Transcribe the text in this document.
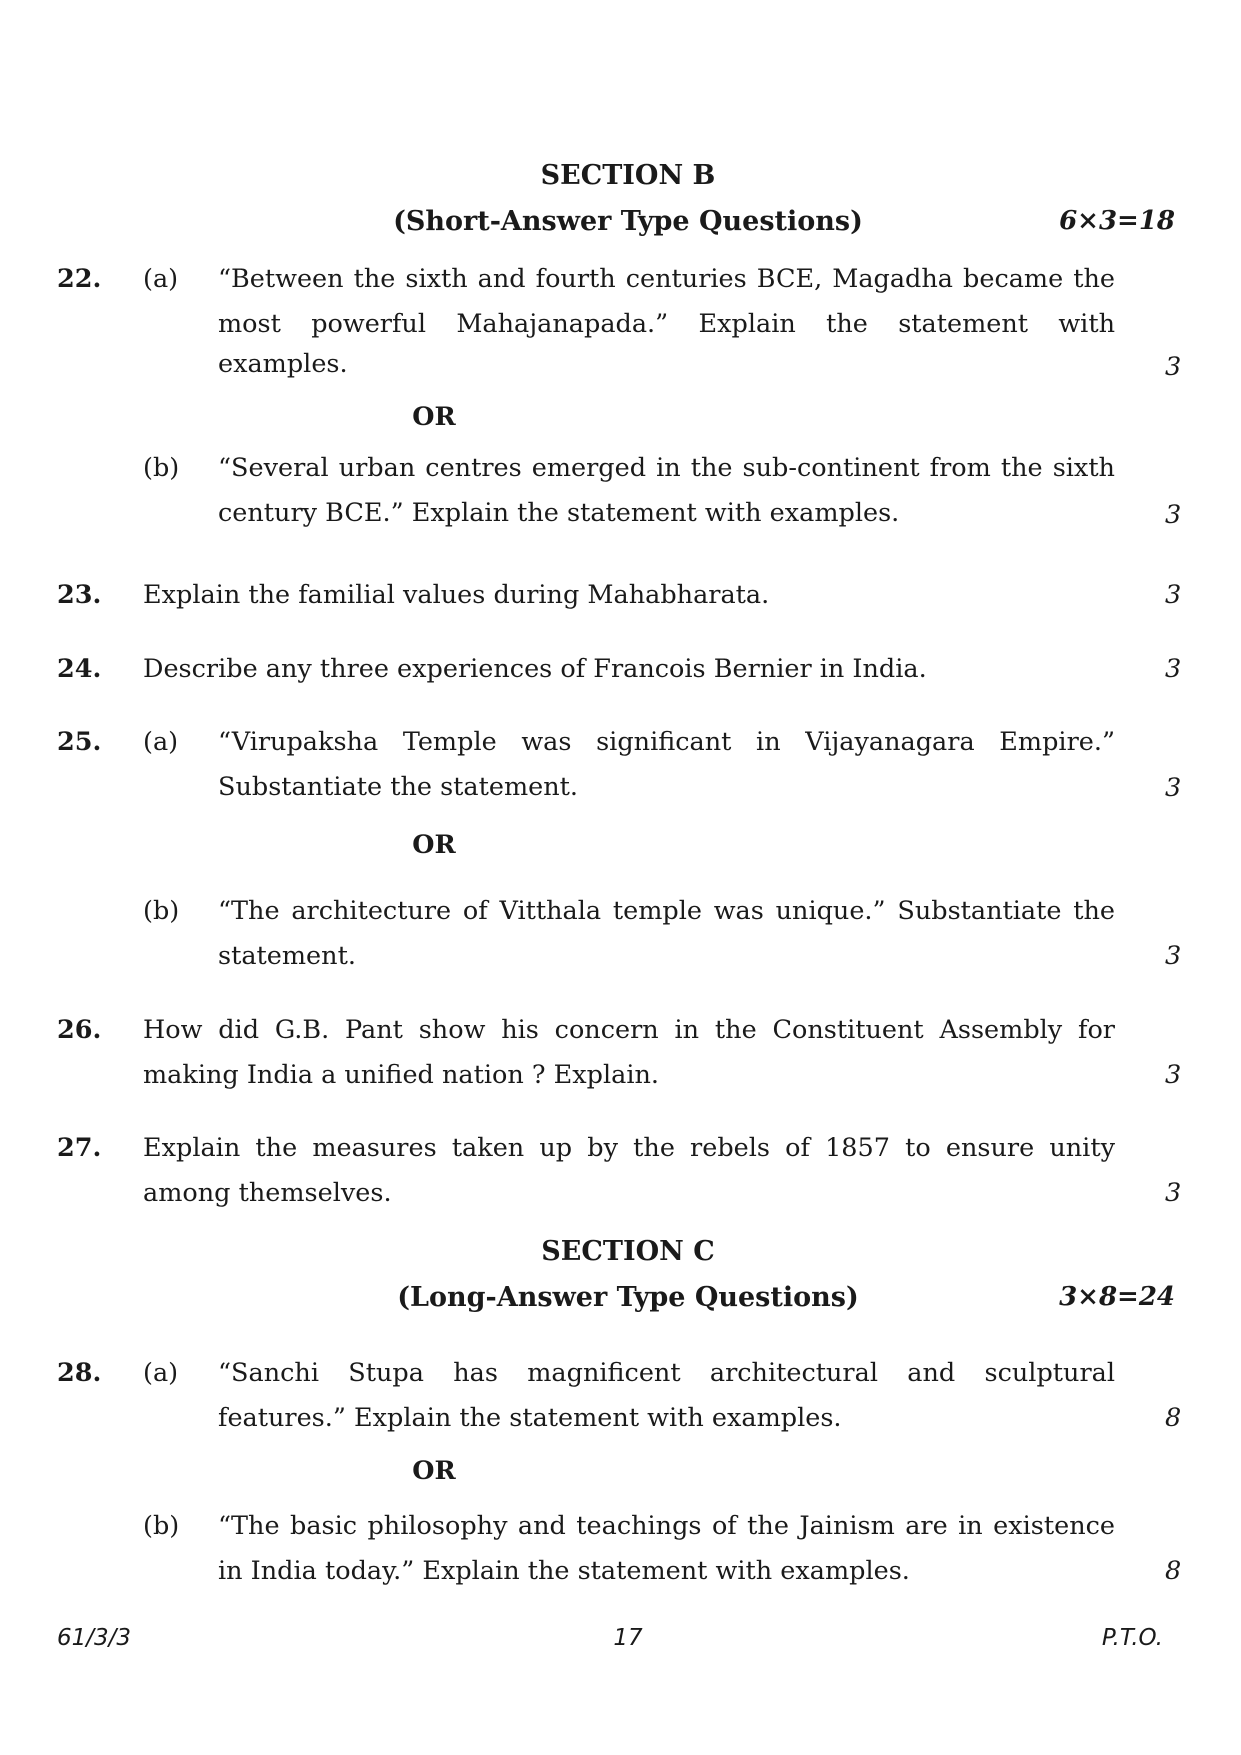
SECTION B
(Short-Answer Type Questions)	6×3=18
22. (a) “Between the sixth and fourth centuries BCE, Magadha became the
most powerful Mahajanapada.” Explain the statement with
examples.	3
OR
(b) “Several urban centres emerged in the sub-continent from the sixth
century BCE.” Explain the statement with examples.	3
23. Explain the familial values during Mahabharata.	3
24. Describe any three experiences of Francois Bernier in India.	3
25. (a) “Virupaksha Temple was significant in Vijayanagara Empire.”
Substantiate the statement.	3
OR
(b) “The architecture of Vitthala temple was unique.” Substantiate the
statement.	3
26. How did G.B. Pant show his concern in the Constituent Assembly for
making India a unified nation ? Explain.	3
27. Explain the measures taken up by the rebels of 1857 to ensure unity
among themselves.	3
SECTION C
(Long-Answer Type Questions)	3×8=24
28. (a) “Sanchi Stupa has magnificent architectural and sculptural
features.” Explain the statement with examples.	8
OR
(b) “The basic philosophy and teachings of the Jainism are in existence
in India today.” Explain the statement with examples.	8
61/3/3	17	P.T.O.
